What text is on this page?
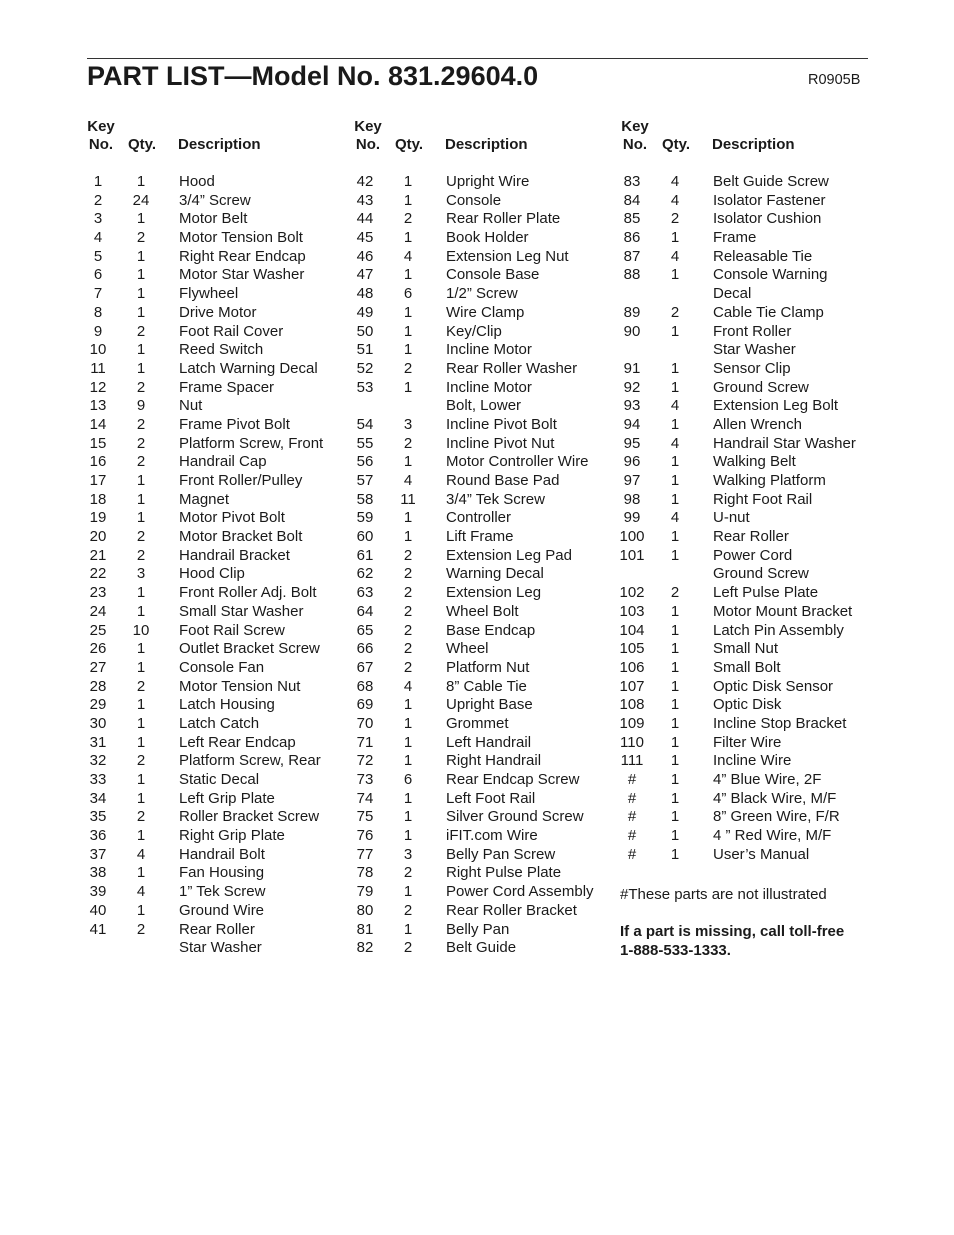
PART LIST—Model No. 831.29604.0	R0905B
Key
No. Qty. Description
1	1	Hood
2	24	3/4” Screw
3	1	Motor Belt
4	2	Motor Tension Bolt
5	1	Right Rear Endcap
6	1	Motor Star Washer
7	1	Flywheel
8	1	Drive Motor
9	2	Foot Rail Cover
10	1	Reed Switch
11	1	Latch Warning Decal
12	2	Frame Spacer
13	9	Nut
14	2	Frame Pivot Bolt
15	2	Platform Screw, Front
16	2	Handrail Cap
17	1	Front Roller/Pulley
18	1	Magnet
19	1	Motor Pivot Bolt
20	2	Motor Bracket Bolt
21	2	Handrail Bracket
22	3	Hood Clip
23	1	Front Roller Adj. Bolt
24	1	Small Star Washer
25	10	Foot Rail Screw
26	1	Outlet Bracket Screw
27	1	Console Fan
28	2	Motor Tension Nut
29	1	Latch Housing
30	1	Latch Catch
31	1	Left Rear Endcap
32	2	Platform Screw, Rear
33	1	Static Decal
34	1	Left Grip Plate
35	2	Roller Bracket Screw
36	1	Right Grip Plate
37	4	Handrail Bolt
38	1	Fan Housing
39	4	1” Tek Screw
40	1	Ground Wire
41	2	Rear Roller
Star Washer
Key
No. Qty. Description
42	1	Upright Wire
43	1	Console
44	2	Rear Roller Plate
45	1	Book Holder
46	4	Extension Leg Nut
47	1	Console Base
48	6	1/2” Screw
49	1	Wire Clamp
50	1	Key/Clip
51	1	Incline Motor
52	2	Rear Roller Washer
53	1	Incline Motor
Bolt, Lower
54	3	Incline Pivot Bolt
55	2	Incline Pivot Nut
56	1	Motor Controller Wire
57	4	Round Base Pad
58	11	3/4” Tek Screw
59	1	Controller
60	1	Lift Frame
61	2	Extension Leg Pad
62	2	Warning Decal
63	2	Extension Leg
64	2	Wheel Bolt
65	2	Base Endcap
66	2	Wheel
67	2	Platform Nut
68	4	8” Cable Tie
69	1	Upright Base
70	1	Grommet
71	1	Left Handrail
72	1	Right Handrail
73	6	Rear Endcap Screw
74	1	Left Foot Rail
75	1	Silver Ground Screw
76	1	iFIT.com Wire
77	3	Belly Pan Screw
78	2	Right Pulse Plate
79	1	Power Cord Assembly
80	2	Rear Roller Bracket
81	1	Belly Pan
82	2	Belt Guide
Key
No. Qty. Description
83	4	Belt Guide Screw
84	4	Isolator Fastener
85	2	Isolator Cushion
86	1	Frame
87	4	Releasable Tie
88	1	Console Warning
Decal
89	2	Cable Tie Clamp
90	1	Front Roller
Star Washer
91	1	Sensor Clip
92	1	Ground Screw
93	4	Extension Leg Bolt
94	1	Allen Wrench
95	4	Handrail Star Washer
96	1	Walking Belt
97	1	Walking Platform
98	1	Right Foot Rail
99	4	U-nut
100	1	Rear Roller
101	1	Power Cord
Ground Screw
102	2	Left Pulse Plate
103	1	Motor Mount Bracket
104	1	Latch Pin Assembly
105	1	Small Nut
106	1	Small Bolt
107	1	Optic Disk Sensor
108	1	Optic Disk
109	1	Incline Stop Bracket
110	1	Filter Wire
111	1	Incline Wire
#	1	4” Blue Wire, 2F
#	1	4” Black Wire, M/F
#	1	8” Green Wire, F/R
#	1	4 ” Red Wire, M/F
#	1	User’s Manual
#These parts are not illustrated
If a part is missing, call toll-free
1-888-533-1333.
